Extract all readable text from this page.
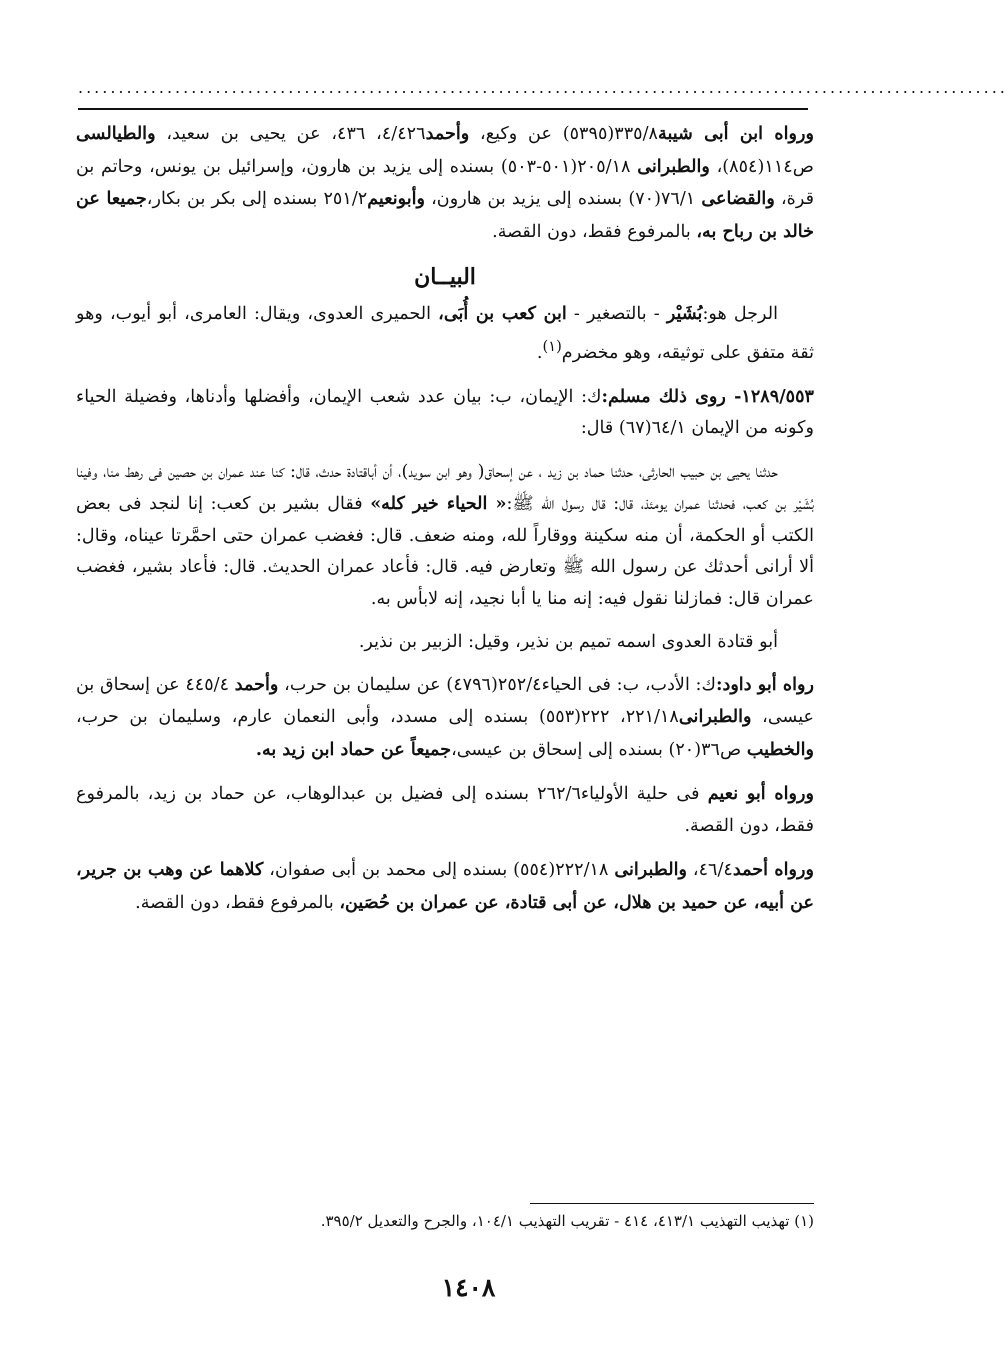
...................................................................................................................

ورواه ابن أبى شيبة٣٣٥/٨(٥٣٩٥) عن وكيع، وأحمد٤/٤٢٦، ٤٣٦، عن يحيى بن سعيد، والطيالسى ص١١٤(٨٥٤)، والطبرانى ٢٠٥/١٨(٥٠١-٥٠٣) بسنده إلى يزيد بن هارون، وإسرائيل بن يونس، وحاتم بن قرة، والقضاعى ٧٦/١(٧٠) بسنده إلى يزيد بن هارون، وأبونعيم٢٥١/٢ بسنده إلى بكر بن بكار،جميعا عن خالد بن رباح به، بالمرفوع فقط، دون القصة.

البيــان

الرجل هو:بُشَيْر - بالتصغير - ابن كعب بن أُبَى، الحميرى العدوى، ويقال: العامرى، أبو أيوب، وهو ثقة متفق على توثيقه، وهو مخضرم$^{(١)}$.

١٢٨٩/٥٥٣- روى ذلك مسلم:ك: الإيمان، ب: بيان عدد شعب الإيمان، وأفضلها وأدناها، وفضيلة الحياء وكونه من الإيمان ٦٤/١(٦٧) قال:

حدثنا يحيى بن حبيب الحارثى، حدثنا حماد بن زيد ، عن إسحاق( وهو ابن سويد)، أن أباقتادة حدث، قال: كنا عند عمران بن حصين فى رهط منا، وفينا بُشَيْر بن كعب، فحدثنا عمران يومئذ، قال: قال رسول الله ﷺ:« الحياء خير كله» فقال بشير بن كعب: إنا لنجد فى بعض الكتب أو الحكمة، أن منه سكينة ووقاراً لله، ومنه ضعف. قال: فغضب عمران حتى احمَّرتا عيناه، وقال: ألا أرانى أحدثك عن رسول الله ﷺ وتعارض فيه. قال: فأعاد عمران الحديث. قال: فأعاد بشير، فغضب عمران قال: فمازلنا نقول فيه: إنه منا يا أبا نجيد، إنه لابأس به.

أبو قتادة العدوى اسمه تميم بن نذير، وقيل: الزبير بن نذير.

رواه أبو داود:ك: الأدب، ب: فى الحياء٢٥٢/٤(٤٧٩٦) عن سليمان بن حرب، وأحمد ٤٤٥/٤ عن إسحاق بن عيسى، والطبرانى٢٢١/١٨، ٢٢٢(٥٥٣) بسنده إلى مسدد، وأبى النعمان عارم، وسليمان بن حرب، والخطيب ص٣٦(٢٠) بسنده إلى إسحاق بن عيسى،جميعاً عن حماد ابن زيد به.

ورواه أبو نعيم فى حلية الأولياء٢٦٢/٦ بسنده إلى فضيل بن عبدالوهاب، عن حماد بن زيد، بالمرفوع فقط، دون القصة.

ورواه أحمد٤٦/٤، والطبرانى ٢٢٢/١٨(٥٥٤) بسنده إلى محمد بن أبى صفوان، كلاهما عن وهب بن جرير، عن أبيه، عن حميد بن هلال، عن أبى قتادة، عن عمران بن حُصَين، بالمرفوع فقط، دون القصة.

(١) تهذيب التهذيب ٤١٣/١، ٤١٤ - تقريب التهذيب ١٠٤/١، والجرح والتعديل ٣٩٥/٢.
١٤٠٨
